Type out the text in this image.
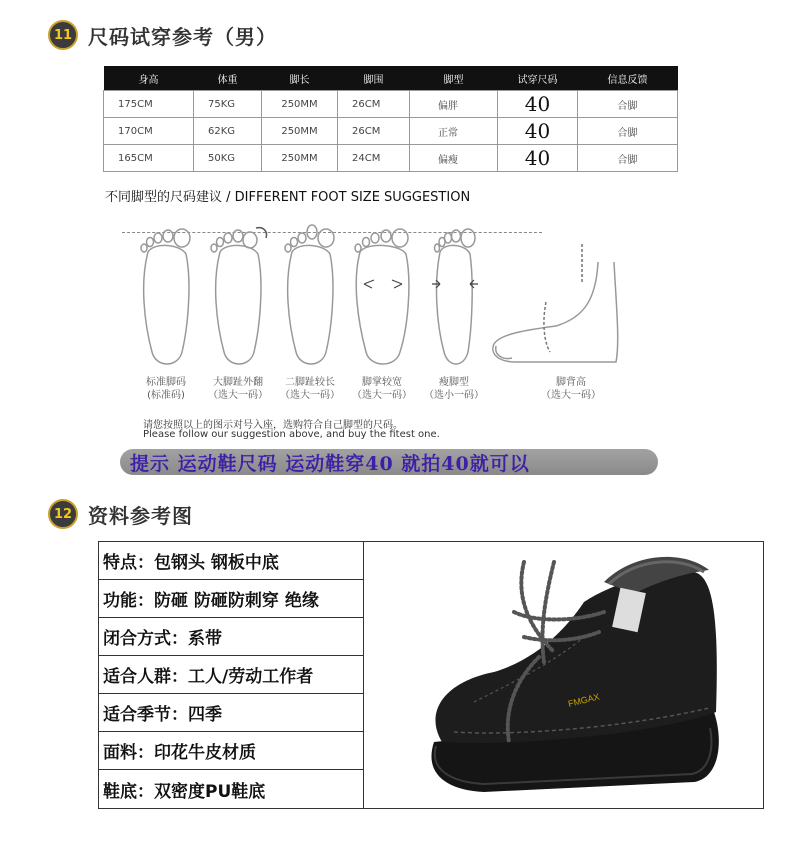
11 尺码试穿参考（男）
身高	体重	脚长	脚围	脚型	试穿尺码	信息反馈
175CM	75KG	250MM	26CM	偏胖	40	合脚
170CM	62KG	250MM	26CM	正常	40	合脚
165CM	50KG	250MM	24CM	偏瘦	40	合脚
不同脚型的尺码建议 / DIFFERENT FOOT SIZE SUGGESTION
标准脚码
(标准码)
大脚趾外翻
（选大一码）
二脚趾较长
（选大一码）
脚掌较宽
（选大一码）
瘦脚型
（选小一码）
脚背高
（选大一码）
请您按照以上的图示对号入座，选购符合自己脚型的尺码。
Please follow our suggestion above, and buy the fitest one.
提示 运动鞋尺码 运动鞋穿40 就拍40就可以
12 资料参考图
特点：包钢头 钢板中底
功能：防砸 防砸防刺穿 绝缘
闭合方式：系带
适合人群：工人/劳动工作者
适合季节：四季
面料：印花牛皮材质
鞋底：双密度PU鞋底
FMGAX
